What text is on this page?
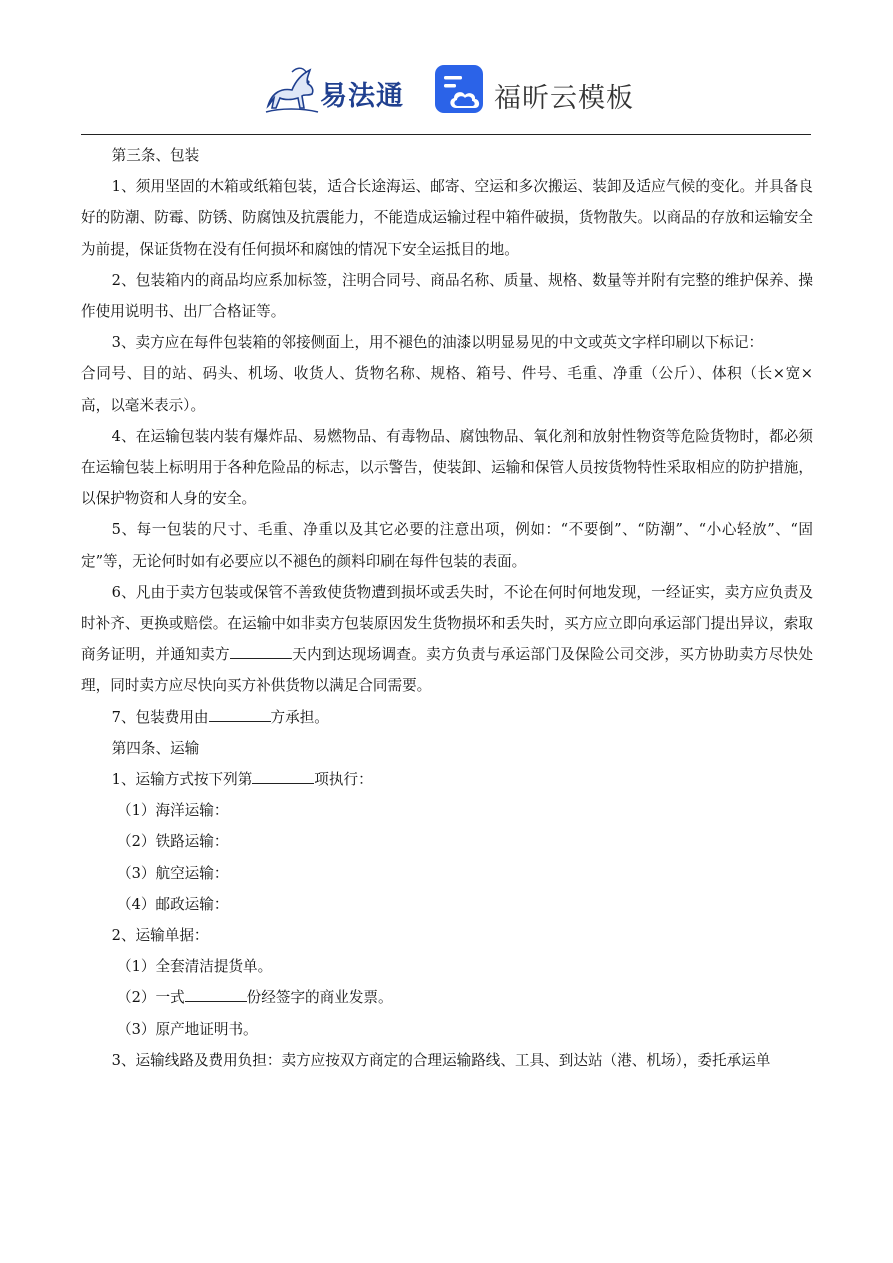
易法通	福昕云模板

第三条、包装

1、须用坚固的木箱或纸箱包装，适合长途海运、邮寄、空运和多次搬运、装卸及适应气候的变化。并具备良好的防潮、防霉、防锈、防腐蚀及抗震能力，不能造成运输过程中箱件破损，货物散失。以商品的存放和运输安全为前提，保证货物在没有任何损坏和腐蚀的情况下安全运抵目的地。

2、包装箱内的商品均应系加标签，注明合同号、商品名称、质量、规格、数量等并附有完整的维护保养、操作使用说明书、出厂合格证等。

3、卖方应在每件包装箱的邻接侧面上，用不褪色的油漆以明显易见的中文或英文字样印刷以下标记：

合同号、目的站、码头、机场、收货人、货物名称、规格、箱号、件号、毛重、净重（公斤）、体积（长×宽×高，以毫米表示）。

4、在运输包装内装有爆炸品、易燃物品、有毒物品、腐蚀物品、氧化剂和放射性物资等危险货物时，都必须在运输包装上标明用于各种危险品的标志，以示警告，使装卸、运输和保管人员按货物特性采取相应的防护措施，以保护物资和人身的安全。

5、每一包装的尺寸、毛重、净重以及其它必要的注意出项，例如：“不要倒”、“防潮”、“小心轻放”、“固定”等，无论何时如有必要应以不褪色的颜料印刷在每件包装的表面。

6、凡由于卖方包装或保管不善致使货物遭到损坏或丢失时，不论在何时何地发现，一经证实，卖方应负责及时补齐、更换或赔偿。在运输中如非卖方包装原因发生货物损坏和丢失时，买方应立即向承运部门提出异议，索取商务证明，并通知卖方	天内到达现场调查。卖方负责与承运部门及保险公司交涉，买方协助卖方尽快处理，同时卖方应尽快向买方补供货物以满足合同需要。

7、包装费用由	方承担。

第四条、运输

1、运输方式按下列第	项执行：

（1）海洋运输：

（2）铁路运输：

（3）航空运输：

（4）邮政运输：

2、运输单据：

（1）全套清洁提货单。

（2）一式	份经签字的商业发票。

（3）原产地证明书。

3、运输线路及费用负担：卖方应按双方商定的合理运输路线、工具、到达站（港、机场），委托承运单
